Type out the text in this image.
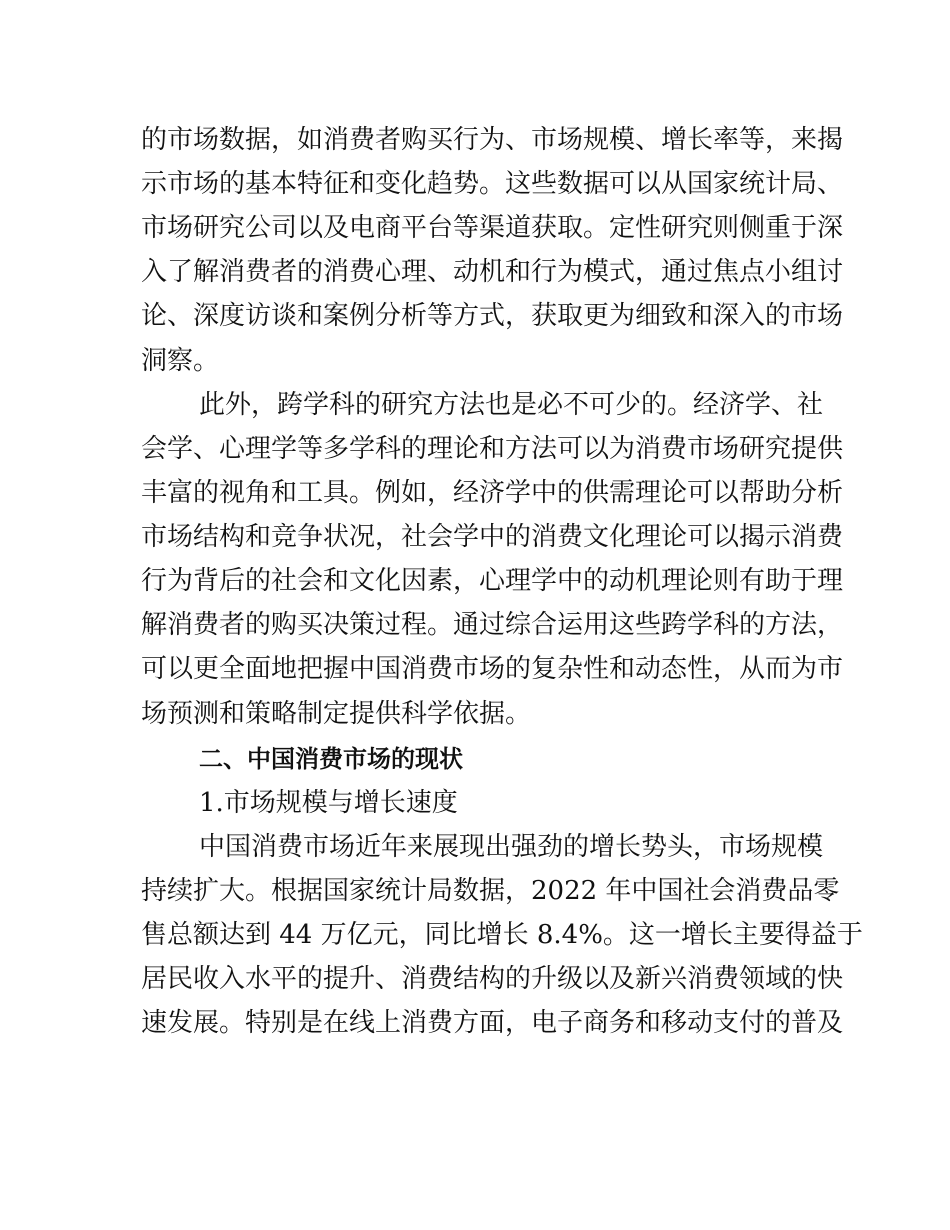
的市场数据，如消费者购买行为、市场规模、增长率等，来揭
示市场的基本特征和变化趋势。这些数据可以从国家统计局、
市场研究公司以及电商平台等渠道获取。定性研究则侧重于深
入了解消费者的消费心理、动机和行为模式，通过焦点小组讨
论、深度访谈和案例分析等方式，获取更为细致和深入的市场
洞察。
此外，跨学科的研究方法也是必不可少的。经济学、社
会学、心理学等多学科的理论和方法可以为消费市场研究提供
丰富的视角和工具。例如，经济学中的供需理论可以帮助分析
市场结构和竞争状况，社会学中的消费文化理论可以揭示消费
行为背后的社会和文化因素，心理学中的动机理论则有助于理
解消费者的购买决策过程。通过综合运用这些跨学科的方法，
可以更全面地把握中国消费市场的复杂性和动态性，从而为市
场预测和策略制定提供科学依据。
二、中国消费市场的现状
1.市场规模与增长速度
中国消费市场近年来展现出强劲的增长势头，市场规模
持续扩大。根据国家统计局数据，2022 年中国社会消费品零
售总额达到 44 万亿元，同比增长 8.4%。这一增长主要得益于
居民收入水平的提升、消费结构的升级以及新兴消费领域的快
速发展。特别是在线上消费方面，电子商务和移动支付的普及
